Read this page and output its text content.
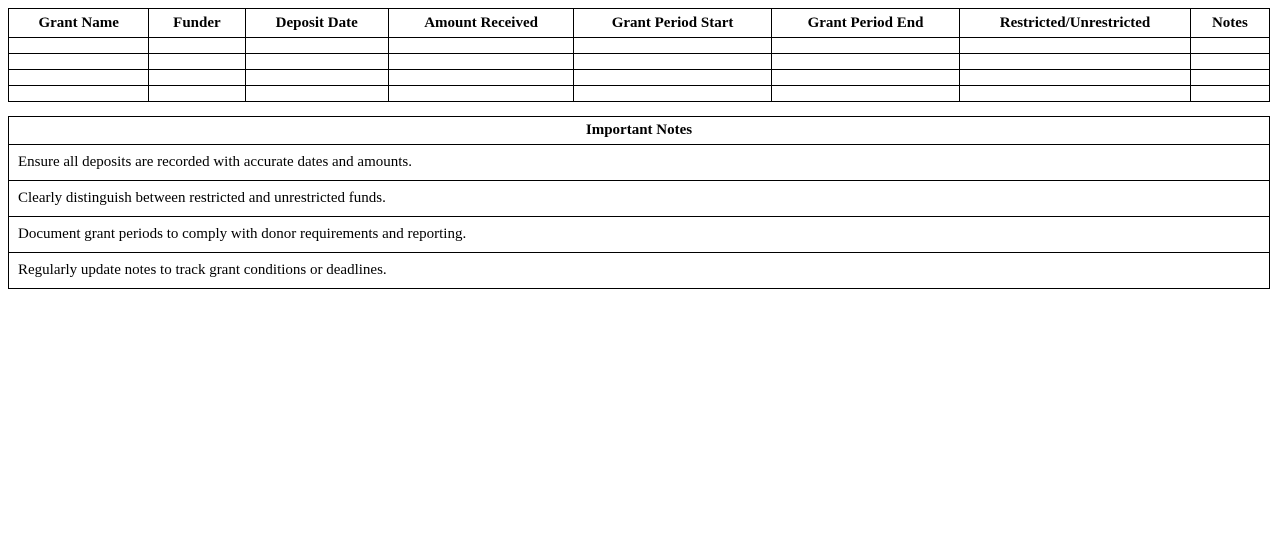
Grant Name	Funder	Deposit Date	Amount Received	Grant Period Start	Grant Period End	Restricted/Unrestricted	Notes

Important Notes
Ensure all deposits are recorded with accurate dates and amounts.
Clearly distinguish between restricted and unrestricted funds.
Document grant periods to comply with donor requirements and reporting.
Regularly update notes to track grant conditions or deadlines.
